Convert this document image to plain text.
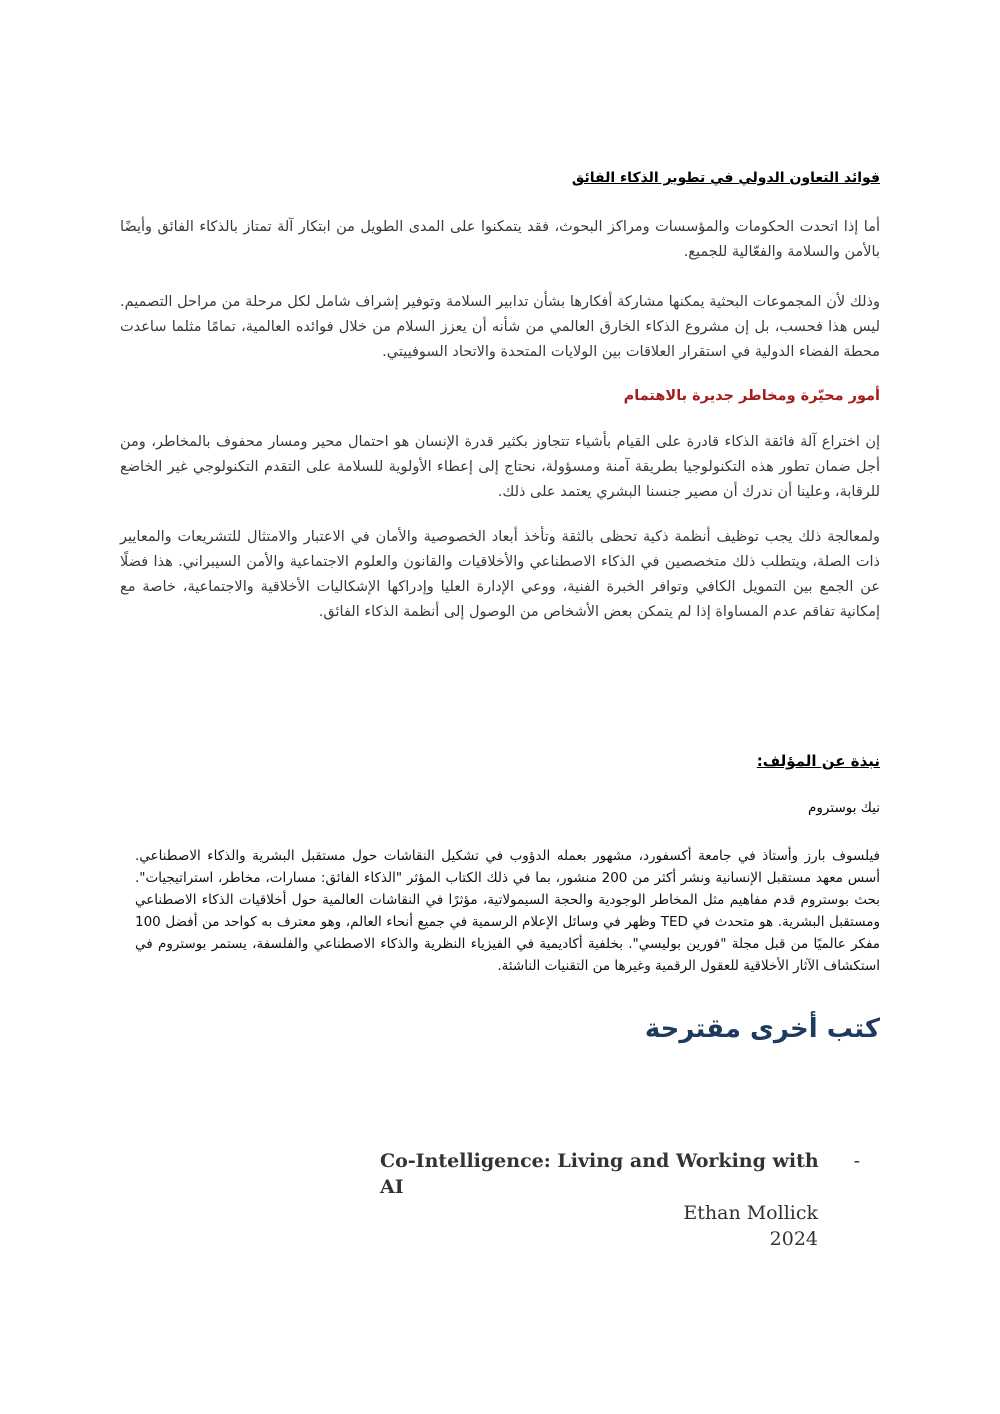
فوائد التعاون الدولي في تطوير الذكاء الفائق
أما إذا اتحدت الحكومات والمؤسسات ومراكز البحوث، فقد يتمكنوا على المدى الطويل من ابتكار آلة تمتاز بالذكاء الفائق وأيضًا بالأمن والسلامة والفعّالية للجميع.
وذلك لأن المجموعات البحثية يمكنها مشاركة أفكارها بشأن تدابير السلامة وتوفير إشراف شامل لكل مرحلة من مراحل التصميم. ليس هذا فحسب، بل إن مشروع الذكاء الخارق العالمي من شأنه أن يعزز السلام من خلال فوائده العالمية، تمامًا مثلما ساعدت محطة الفضاء الدولية في استقرار العلاقات بين الولايات المتحدة والاتحاد السوفييتي.
أمور محيّرة ومخاطر جديرة بالاهتمام
إن اختراع آلة فائقة الذكاء قادرة على القيام بأشياء تتجاوز بكثير قدرة الإنسان هو احتمال محير ومسار محفوف بالمخاطر، ومن أجل ضمان تطور هذه التكنولوجيا بطريقة آمنة ومسؤولة، نحتاج إلى إعطاء الأولوية للسلامة على التقدم التكنولوجي غير الخاضع للرقابة، وعلينا أن ندرك أن مصير جنسنا البشري يعتمد على ذلك.
ولمعالجة ذلك يجب توظيف أنظمة ذكية تحظى بالثقة وتأخذ أبعاد الخصوصية والأمان في الاعتبار والامتثال للتشريعات والمعايير ذات الصلة، ويتطلب ذلك متخصصين في الذكاء الاصطناعي والأخلاقيات والقانون والعلوم الاجتماعية والأمن السيبراني. هذا فضلًا عن الجمع بين التمويل الكافي وتوافر الخبرة الفنية، ووعي الإدارة العليا وإدراكها الإشكاليات الأخلاقية والاجتماعية، خاصة مع إمكانية تفاقم عدم المساواة إذا لم يتمكن بعض الأشخاص من الوصول إلى أنظمة الذكاء الفائق.
نبذة عن المؤلف:
نيك بوستروم
فيلسوف بارز وأستاذ في جامعة أكسفورد، مشهور بعمله الدؤوب في تشكيل النقاشات حول مستقبل البشرية والذكاء الاصطناعي. أسس معهد مستقبل الإنسانية ونشر أكثر من 200 منشور، بما في ذلك الكتاب المؤثر "الذكاء الفائق: مسارات، مخاطر، استراتيجيات". بحث بوستروم قدم مفاهيم مثل المخاطر الوجودية والحجة السيمولاتية، مؤثرًا في النقاشات العالمية حول أخلاقيات الذكاء الاصطناعي ومستقبل البشرية. هو متحدث في TED وظهر في وسائل الإعلام الرسمية في جميع أنحاء العالم، وهو معترف به كواحد من أفضل 100 مفكر عالميًا من قبل مجلة "فورين بوليسي". بخلفية أكاديمية في الفيزياء النظرية والذكاء الاصطناعي والفلسفة، يستمر بوستروم في استكشاف الآثار الأخلاقية للعقول الرقمية وغيرها من التقنيات الناشئة.
كتب أخرى مقترحة
Co-Intelligence: Living and Working with AI
-
Ethan Mollick
2024
